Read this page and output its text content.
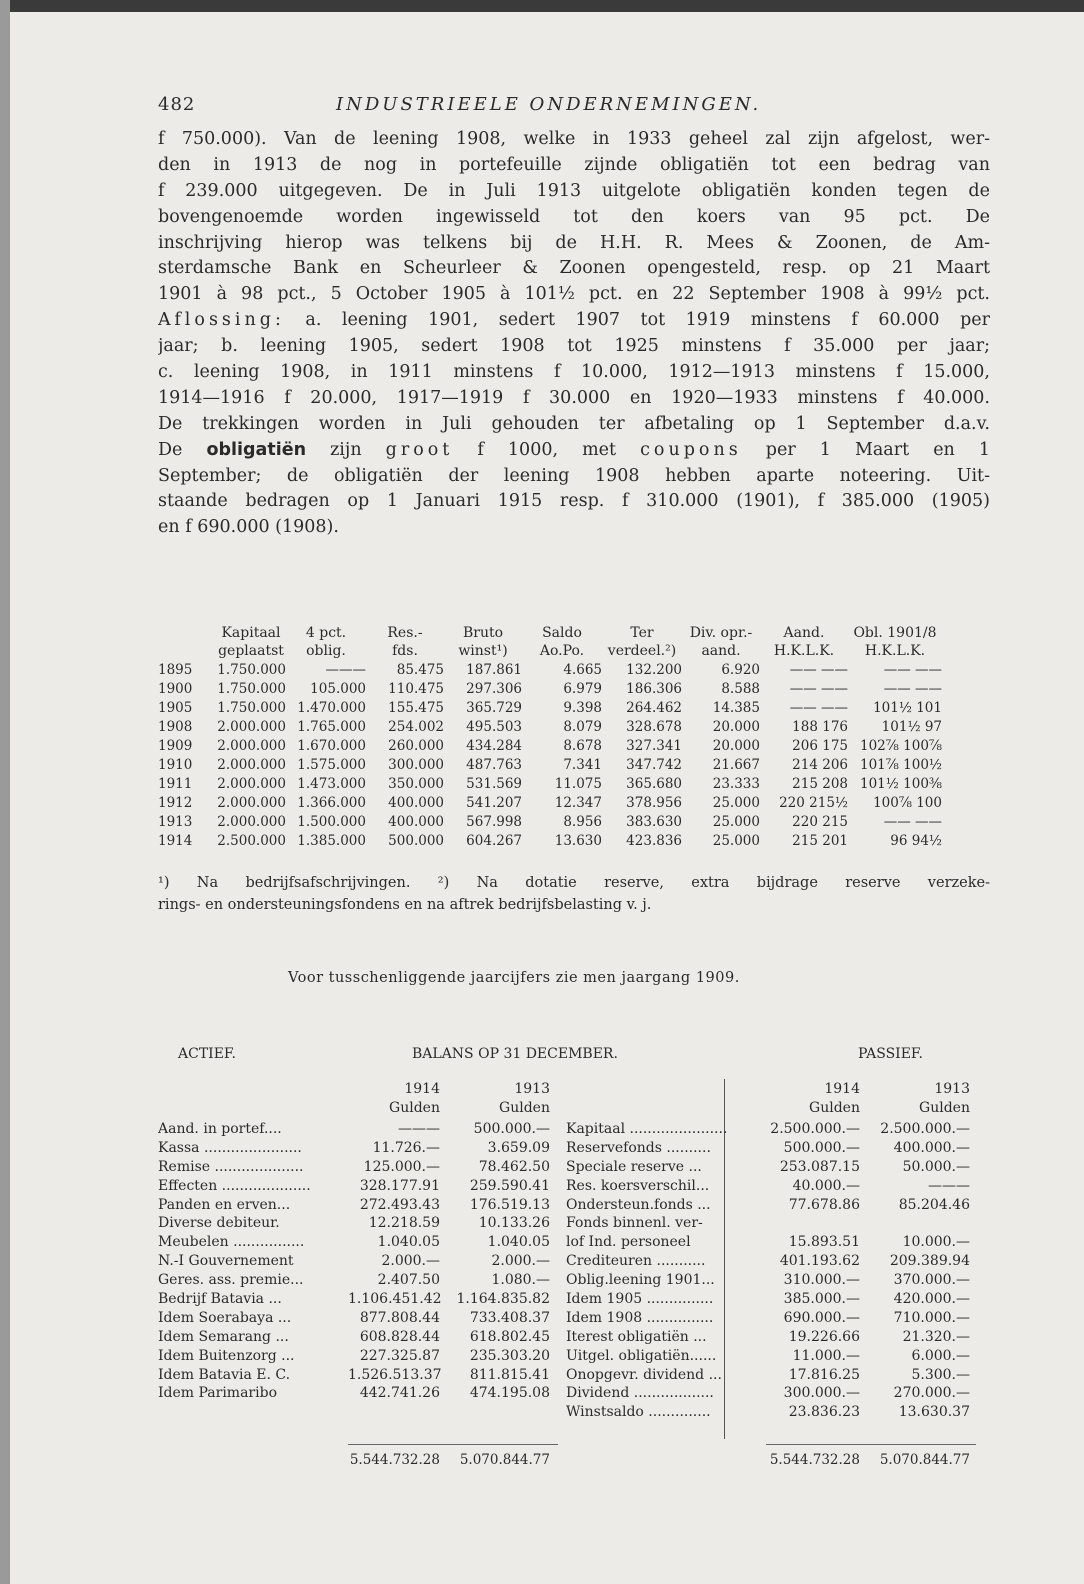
482	INDUSTRIEELE ONDERNEMINGEN.
f 750.000). Van de leening 1908, welke in 1933 geheel zal zijn afgelost, wer-
den in 1913 de nog in portefeuille zijnde obligatiën tot een bedrag van
f 239.000 uitgegeven. De in Juli 1913 uitgelote obligatiën konden tegen de
bovengenoemde worden ingewisseld tot den koers van 95 pct. De
inschrijving hierop was telkens bij de H.H. R. Mees & Zoonen, de Am-
sterdamsche Bank en Scheurleer & Zoonen opengesteld, resp. op 21 Maart
1901 à 98 pct., 5 October 1905 à 101½ pct. en 22 September 1908 à 99½ pct.
Aflossing: a. leening 1901, sedert 1907 tot 1919 minstens f 60.000 per
jaar; b. leening 1905, sedert 1908 tot 1925 minstens f 35.000 per jaar;
c. leening 1908, in 1911 minstens f 10.000, 1912—1913 minstens f 15.000,
1914—1916 f 20.000, 1917—1919 f 30.000 en 1920—1933 minstens f 40.000.
De trekkingen worden in Juli gehouden ter afbetaling op 1 September d.a.v.
De obligatiën zijn groot f 1000, met coupons per 1 Maart en 1
September; de obligatiën der leening 1908 hebben aparte noteering. Uit-
staande bedragen op 1 Januari 1915 resp. f 310.000 (1901), f 385.000 (1905)
en f 690.000 (1908).
	Kapitaal	4 pct.	Res.-	Bruto	Saldo	Ter	Div. opr.-	Aand.	Obl. 1901/8
	geplaatst	oblig.	fds.	winst¹)	Ao.Po.	verdeel.²)	aand.	H.K.L.K.	H.K.L.K.
1895	1.750.000	———	85.475	187.861	4.665	132.200	6.920	—— ——	—— ——
1900	1.750.000	105.000	110.475	297.306	6.979	186.306	8.588	—— ——	—— ——
1905	1.750.000	1.470.000	155.475	365.729	9.398	264.462	14.385	—— ——	101½ 101
1908	2.000.000	1.765.000	254.002	495.503	8.079	328.678	20.000	188 176	101½ 97
1909	2.000.000	1.670.000	260.000	434.284	8.678	327.341	20.000	206 175	102⅞ 100⅞
1910	2.000.000	1.575.000	300.000	487.763	7.341	347.742	21.667	214 206	101⅞ 100½
1911	2.000.000	1.473.000	350.000	531.569	11.075	365.680	23.333	215 208	101½ 100⅜
1912	2.000.000	1.366.000	400.000	541.207	12.347	378.956	25.000	220 215½	100⅞ 100
1913	2.000.000	1.500.000	400.000	567.998	8.956	383.630	25.000	220 215	—— ——
1914	2.500.000	1.385.000	500.000	604.267	13.630	423.836	25.000	215 201	96 94½
¹) Na bedrijfsafschrijvingen. ²) Na dotatie reserve, extra bijdrage reserve verzeke-
rings- en ondersteuningsfondens en na aftrek bedrijfsbelasting v. j.
Voor tusschenliggende jaarcijfers zie men jaargang 1909.
ACTIEF.	BALANS OP 31 DECEMBER.	PASSIEF.
1914	1913
Gulden	Gulden
Aand. in portef....	———	500.000.—
Kassa ......................	11.726.—	3.659.09
Remise ....................	125.000.—	78.462.50
Effecten ....................	328.177.91	259.590.41
Panden en erven...	272.493.43	176.519.13
Diverse debiteur.	12.218.59	10.133.26
Meubelen ................	1.040.05	1.040.05
N.-I Gouvernement	2.000.—	2.000.—
Geres. ass. premie...	2.407.50	1.080.—
Bedrijf Batavia ...	1.106.451.42	1.164.835.82
Idem Soerabaya ...	877.808.44	733.408.37
Idem Semarang ...	608.828.44	618.802.45
Idem Buitenzorg ...	227.325.87	235.303.20
Idem Batavia E. C.	1.526.513.37	811.815.41
Idem Parimaribo	442.741.26	474.195.08
1914	1913
Gulden	Gulden
Kapitaal ......................	2.500.000.—	2.500.000.—
Reservefonds ..........	500.000.—	400.000.—
Speciale reserve ...	253.087.15	50.000.—
Res. koersverschil...	40.000.—	———
Ondersteun.fonds ...	77.678.86	85.204.46
Fonds binnenl. ver-
lof Ind. personeel	15.893.51	10.000.—
Crediteuren ...........	401.193.62	209.389.94
Oblig.leening 1901...	310.000.—	370.000.—
Idem 1905 ...............	385.000.—	420.000.—
Idem 1908 ...............	690.000.—	710.000.—
Iterest obligatiën ...	19.226.66	21.320.—
Uitgel. obligatiën......	11.000.—	6.000.—
Onopgevr. dividend ...	17.816.25	5.300.—
Dividend ..................	300.000.—	270.000.—
Winstsaldo ..............	23.836.23	13.630.37
5.544.732.28	5.070.844.77	5.544.732.28	5.070.844.77
